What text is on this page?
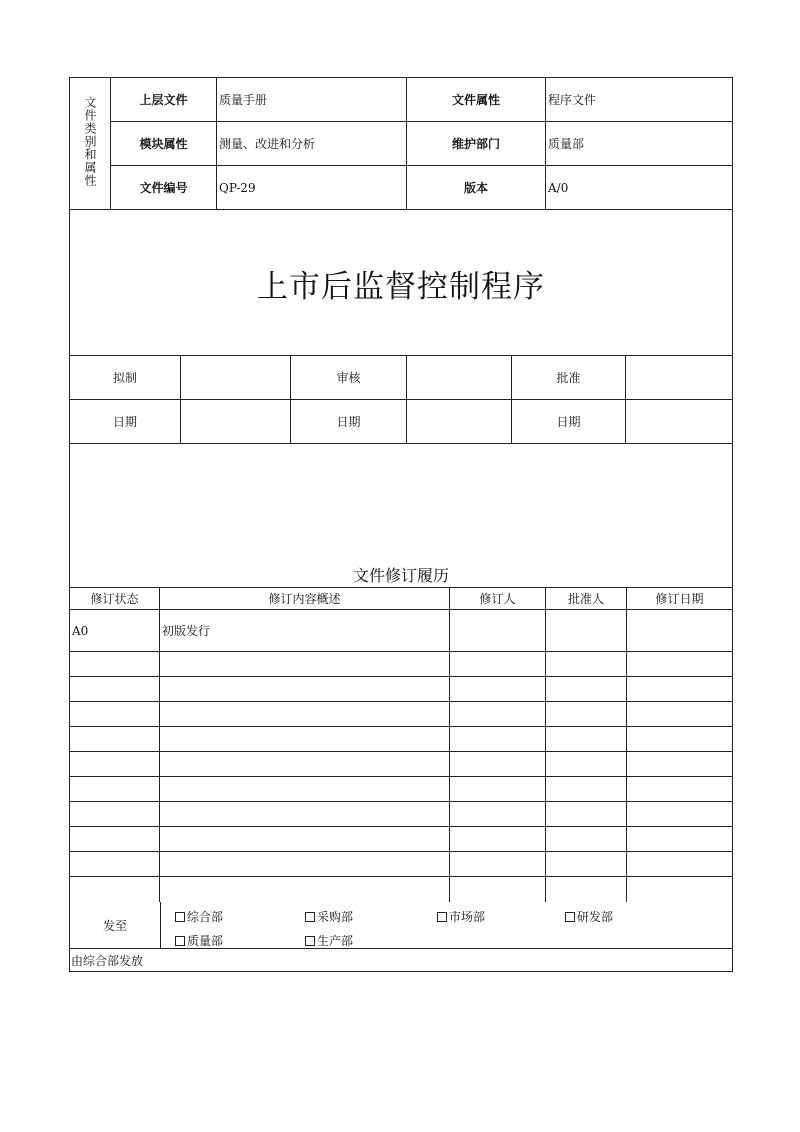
文件类别和属性	上层文件	质量手册	文件属性	程序文件
模块属性	测量、改进和分析	维护部门	质量部
文件编号	QP-29	版本	A/0
上市后监督控制程序
拟制	审核	批准
日期	日期	日期
文件修订履历
修订状态	修订内容概述	修订人	批准人	修订日期
A0	初版发行
发至
综合部	采购部	市场部	研发部
质量部	生产部
由综合部发放
